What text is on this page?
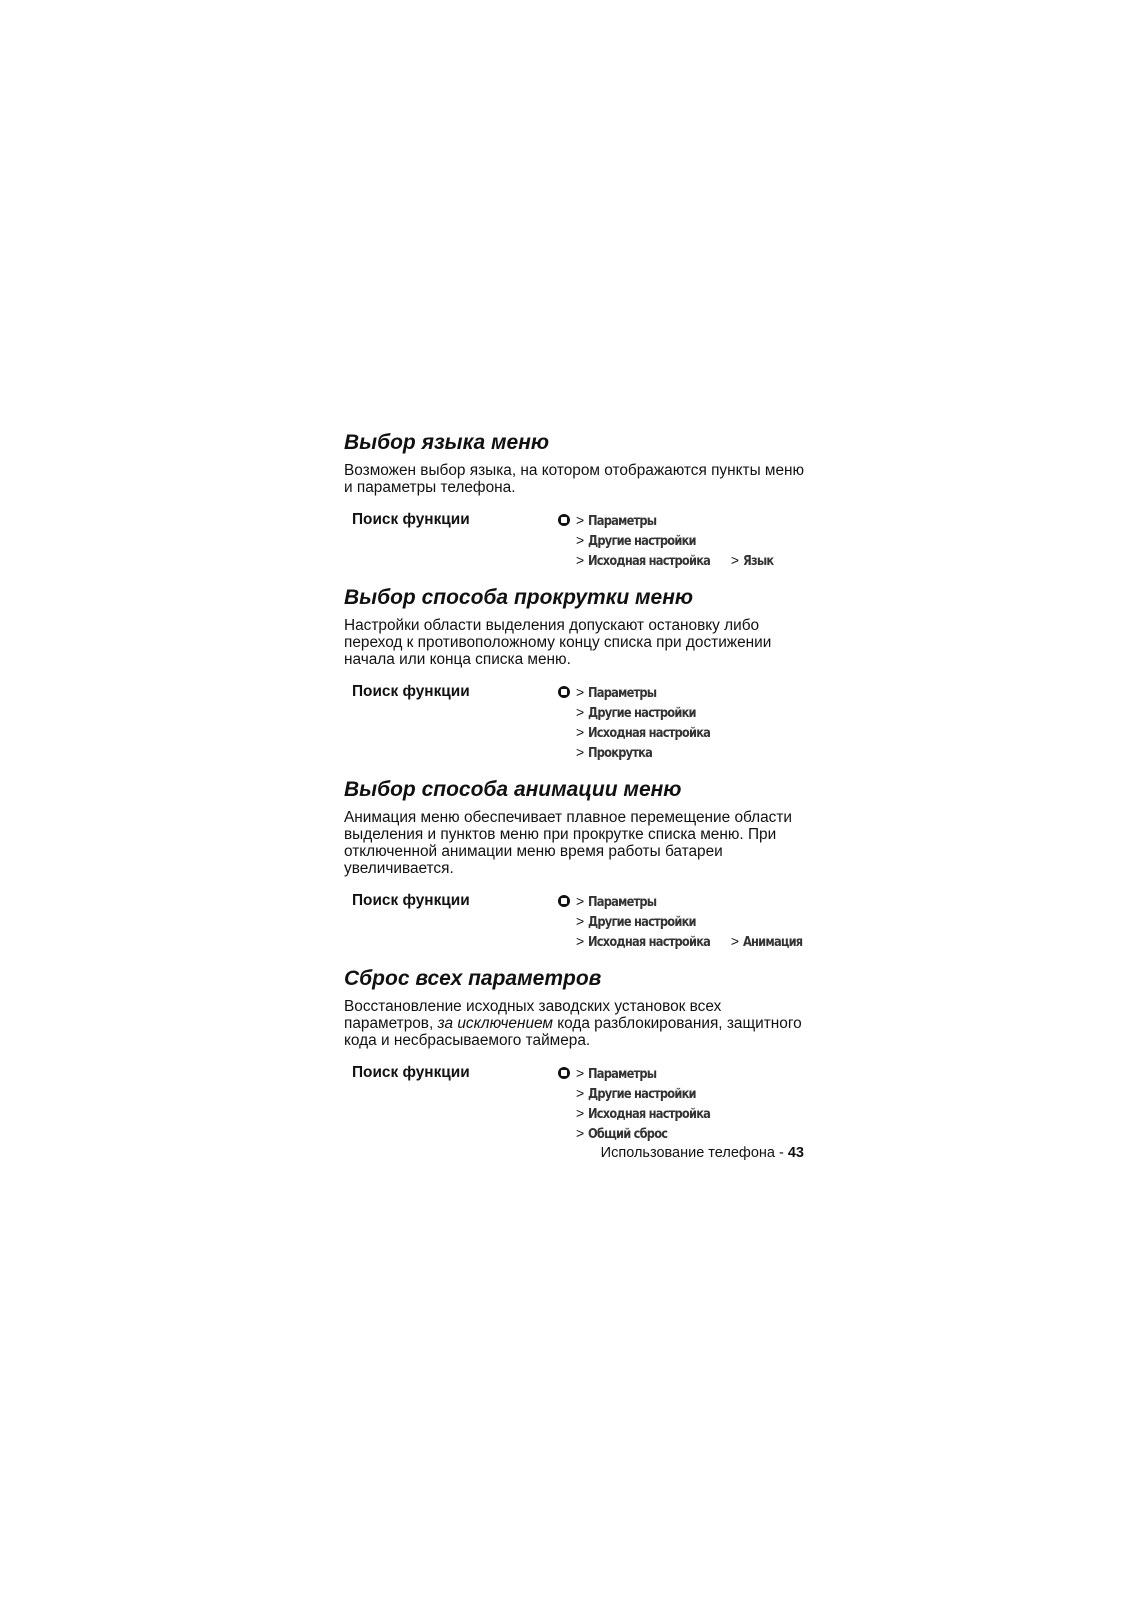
Выбор языка меню

Возможен выбор языка, на котором отображаются пункты меню и параметры телефона.

Поиск функции	> Параметры
> Другие настройки
> Исходная настройка > Язык
Выбор способа прокрутки меню

Настройки области выделения допускают остановку либо переход к противоположному концу списка при достижении начала или конца списка меню.

Поиск функции	> Параметры
> Другие настройки
> Исходная настройка
> Прокрутка
Выбор способа анимации меню

Анимация меню обеспечивает плавное перемещение области выделения и пунктов меню при прокрутке списка меню. При отключенной анимации меню время работы батареи увеличивается.

Поиск функции	> Параметры
> Другие настройки
> Исходная настройка > Анимация
Сброс всех параметров

Восстановление исходных заводских установок всех параметров, за исключением кода разблокирования, защитного кода и несбрасываемого таймера.

Поиск функции	> Параметры
> Другие настройки
> Исходная настройка
> Общий сброс
Использование телефона - 43
